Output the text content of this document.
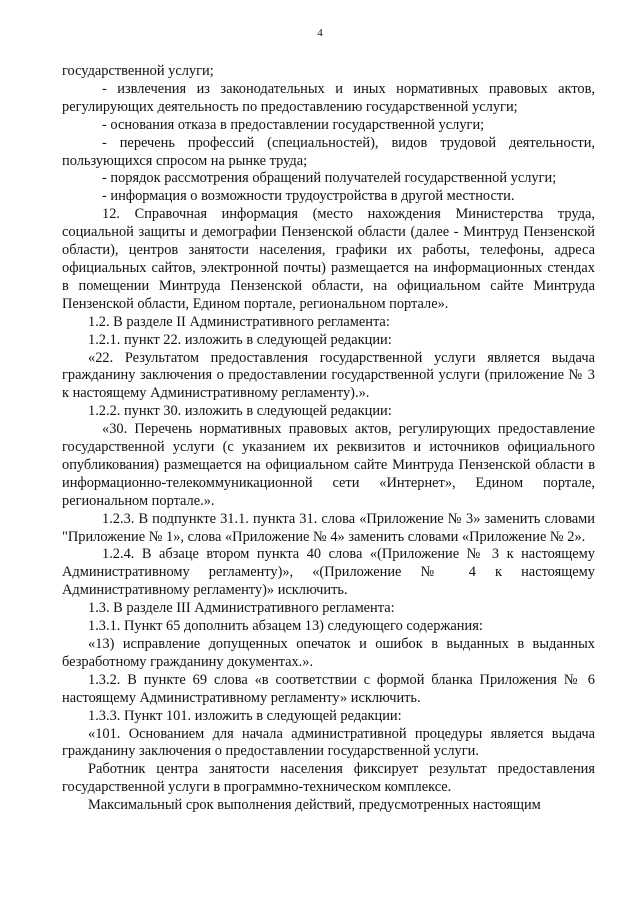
4

государственной услуги;

- извлечения из законодательных и иных нормативных правовых актов, регулирующих деятельность по предоставлению государственной услуги;

- основания отказа в предоставлении государственной услуги;

- перечень профессий (специальностей), видов трудовой деятельности, пользующихся спросом на рынке труда;

- порядок рассмотрения обращений получателей государственной услуги;

- информация о возможности трудоустройства в другой местности.

12. Справочная информация (место нахождения Министерства труда, социальной защиты и демографии Пензенской области (далее - Минтруд Пензенской области), центров занятости населения, графики их работы, телефоны, адреса официальных сайтов, электронной почты) размещается на информационных стендах в помещении Минтруда Пензенской области, на официальном сайте Минтруда Пензенской области, Едином портале, региональном портале».

1.2. В разделе II Административного регламента:

1.2.1. пункт 22. изложить в следующей редакции:

«22. Результатом предоставления государственной услуги является выдача гражданину заключения о предоставлении государственной услуги (приложение № 3 к настоящему Административному регламенту).».

1.2.2. пункт 30. изложить в следующей редакции:

«30. Перечень нормативных правовых актов, регулирующих предоставление государственной услуги (с указанием их реквизитов и источников официального опубликования) размещается на официальном сайте Минтруда Пензенской области в информационно-телекоммуникационной сети «Интернет», Едином портале, региональном портале.».

1.2.3. В подпункте 31.1. пункта 31. слова «Приложение № 3» заменить словами "Приложение № 1», слова «Приложение № 4» заменить словами «Приложение № 2».

1.2.4. В абзаце втором пункта 40 слова «(Приложение № 3 к настоящему Административному регламенту)», «(Приложение № 4 к настоящему Административному регламенту)» исключить.

1.3. В разделе III Административного регламента:

1.3.1. Пункт 65 дополнить абзацем 13) следующего содержания:

«13) исправление допущенных опечаток и ошибок в выданных в выданных безработному гражданину документах.».

1.3.2. В пункте 69 слова «в соответствии с формой бланка Приложения № 6 настоящему Административному регламенту» исключить.

1.3.3. Пункт 101. изложить в следующей редакции:

«101. Основанием для начала административной процедуры является выдача гражданину заключения о предоставлении государственной услуги.

Работник центра занятости населения фиксирует результат предоставления государственной услуги в программно-техническом комплексе.

Максимальный срок выполнения действий, предусмотренных настоящим
